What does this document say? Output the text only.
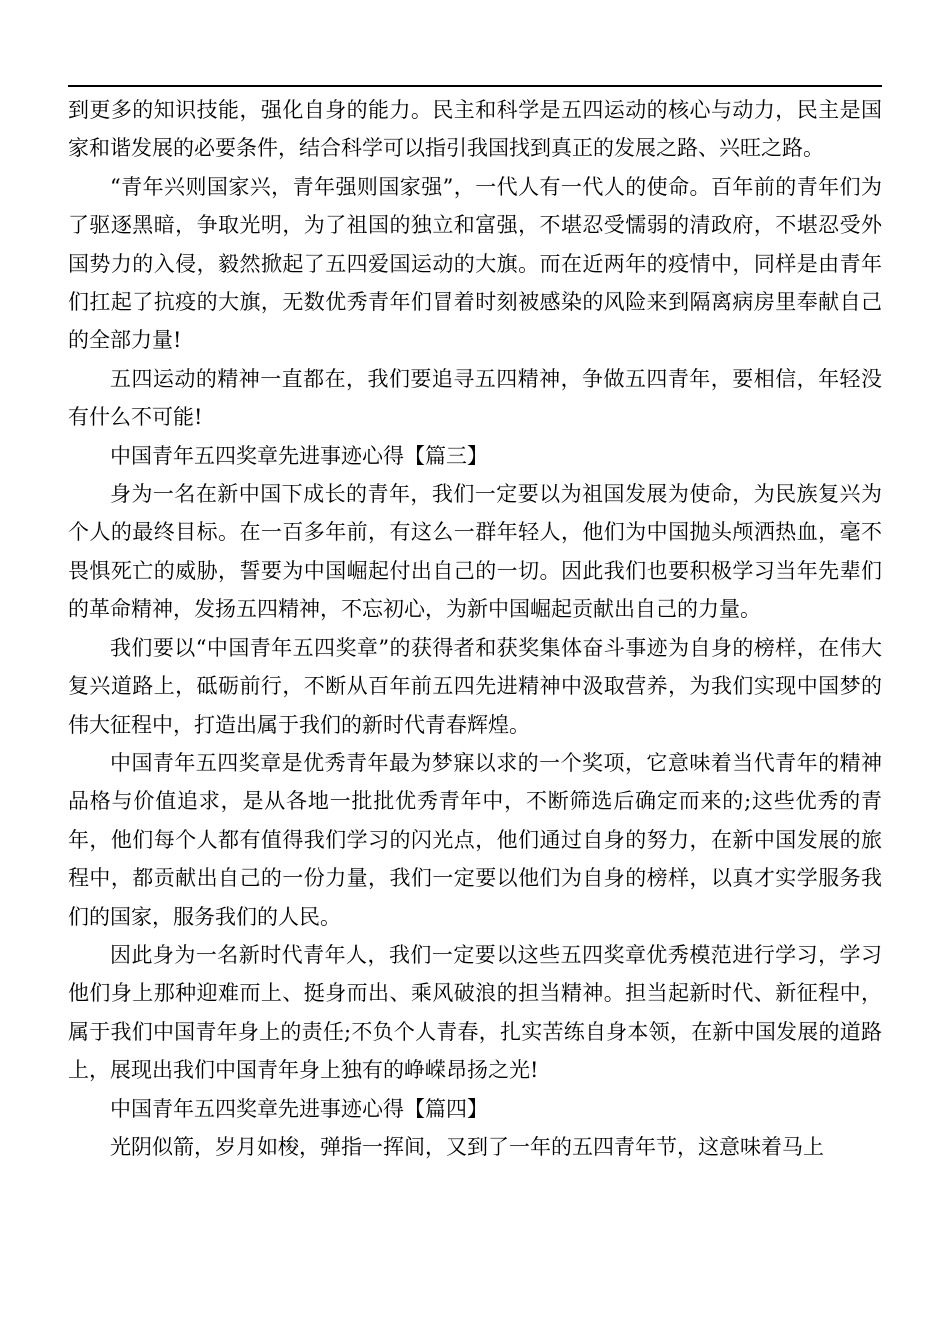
到更多的知识技能，强化自身的能力。民主和科学是五四运动的核心与动力，民主是国家和谐发展的必要条件，结合科学可以指引我国找到真正的发展之路、兴旺之路。

“青年兴则国家兴，青年强则国家强”，一代人有一代人的使命。百年前的青年们为了驱逐黑暗，争取光明，为了祖国的独立和富强，不堪忍受懦弱的清政府，不堪忍受外国势力的入侵，毅然掀起了五四爱国运动的大旗。而在近两年的疫情中，同样是由青年们扛起了抗疫的大旗，无数优秀青年们冒着时刻被感染的风险来到隔离病房里奉献自己的全部力量!

五四运动的精神一直都在，我们要追寻五四精神，争做五四青年，要相信，年轻没有什么不可能!

中国青年五四奖章先进事迹心得【篇三】

身为一名在新中国下成长的青年，我们一定要以为祖国发展为使命，为民族复兴为个人的最终目标。在一百多年前，有这么一群年轻人，他们为中国抛头颅洒热血，毫不畏惧死亡的威胁，誓要为中国崛起付出自己的一切。因此我们也要积极学习当年先辈们的革命精神，发扬五四精神，不忘初心，为新中国崛起贡献出自己的力量。

我们要以“中国青年五四奖章”的获得者和获奖集体奋斗事迹为自身的榜样，在伟大复兴道路上，砥砺前行，不断从百年前五四先进精神中汲取营养，为我们实现中国梦的伟大征程中，打造出属于我们的新时代青春辉煌。

中国青年五四奖章是优秀青年最为梦寐以求的一个奖项，它意味着当代青年的精神品格与价值追求，是从各地一批批优秀青年中，不断筛选后确定而来的;这些优秀的青年，他们每个人都有值得我们学习的闪光点，他们通过自身的努力，在新中国发展的旅程中，都贡献出自己的一份力量，我们一定要以他们为自身的榜样，以真才实学服务我们的国家，服务我们的人民。

因此身为一名新时代青年人，我们一定要以这些五四奖章优秀模范进行学习，学习他们身上那种迎难而上、挺身而出、乘风破浪的担当精神。担当起新时代、新征程中，属于我们中国青年身上的责任;不负个人青春，扎实苦练自身本领，在新中国发展的道路上，展现出我们中国青年身上独有的峥嵘昂扬之光!

中国青年五四奖章先进事迹心得【篇四】

光阴似箭，岁月如梭，弹指一挥间，又到了一年的五四青年节，这意味着马上
